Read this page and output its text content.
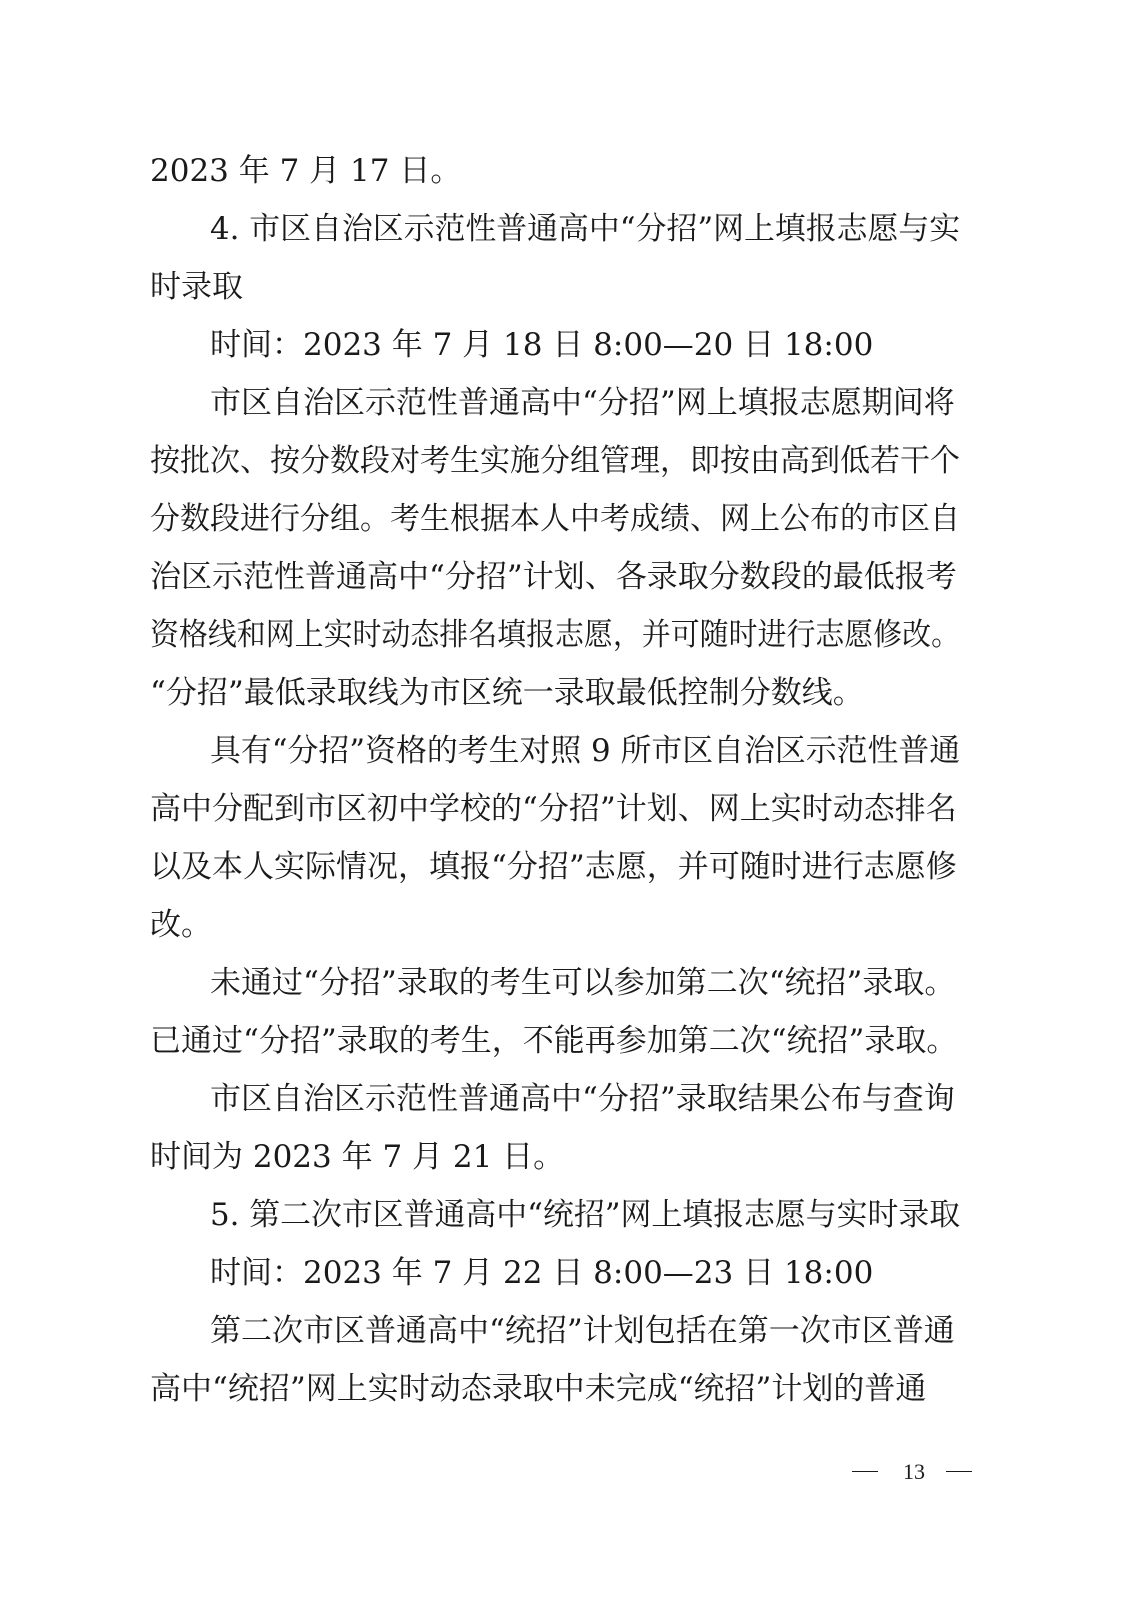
2023 年 7 月 17 日。
4. 市区自治区示范性普通高中“分招”网上填报志愿与实
时录取
时间：2023 年 7 月 18 日 8:00—20 日 18:00
市区自治区示范性普通高中“分招”网上填报志愿期间将
按批次、按分数段对考生实施分组管理，即按由高到低若干个
分数段进行分组。考生根据本人中考成绩、网上公布的市区自
治区示范性普通高中“分招”计划、各录取分数段的最低报考
资格线和网上实时动态排名填报志愿，并可随时进行志愿修改。
“分招”最低录取线为市区统一录取最低控制分数线。
具有“分招”资格的考生对照 9 所市区自治区示范性普通
高中分配到市区初中学校的“分招”计划、网上实时动态排名
以及本人实际情况，填报“分招”志愿，并可随时进行志愿修
改。
未通过“分招”录取的考生可以参加第二次“统招”录取。
已通过“分招”录取的考生，不能再参加第二次“统招”录取。
市区自治区示范性普通高中“分招”录取结果公布与查询
时间为 2023 年 7 月 21 日。
5. 第二次市区普通高中“统招”网上填报志愿与实时录取
时间：2023 年 7 月 22 日 8:00—23 日 18:00
第二次市区普通高中“统招”计划包括在第一次市区普通
高中“统招”网上实时动态录取中未完成“统招”计划的普通
13
